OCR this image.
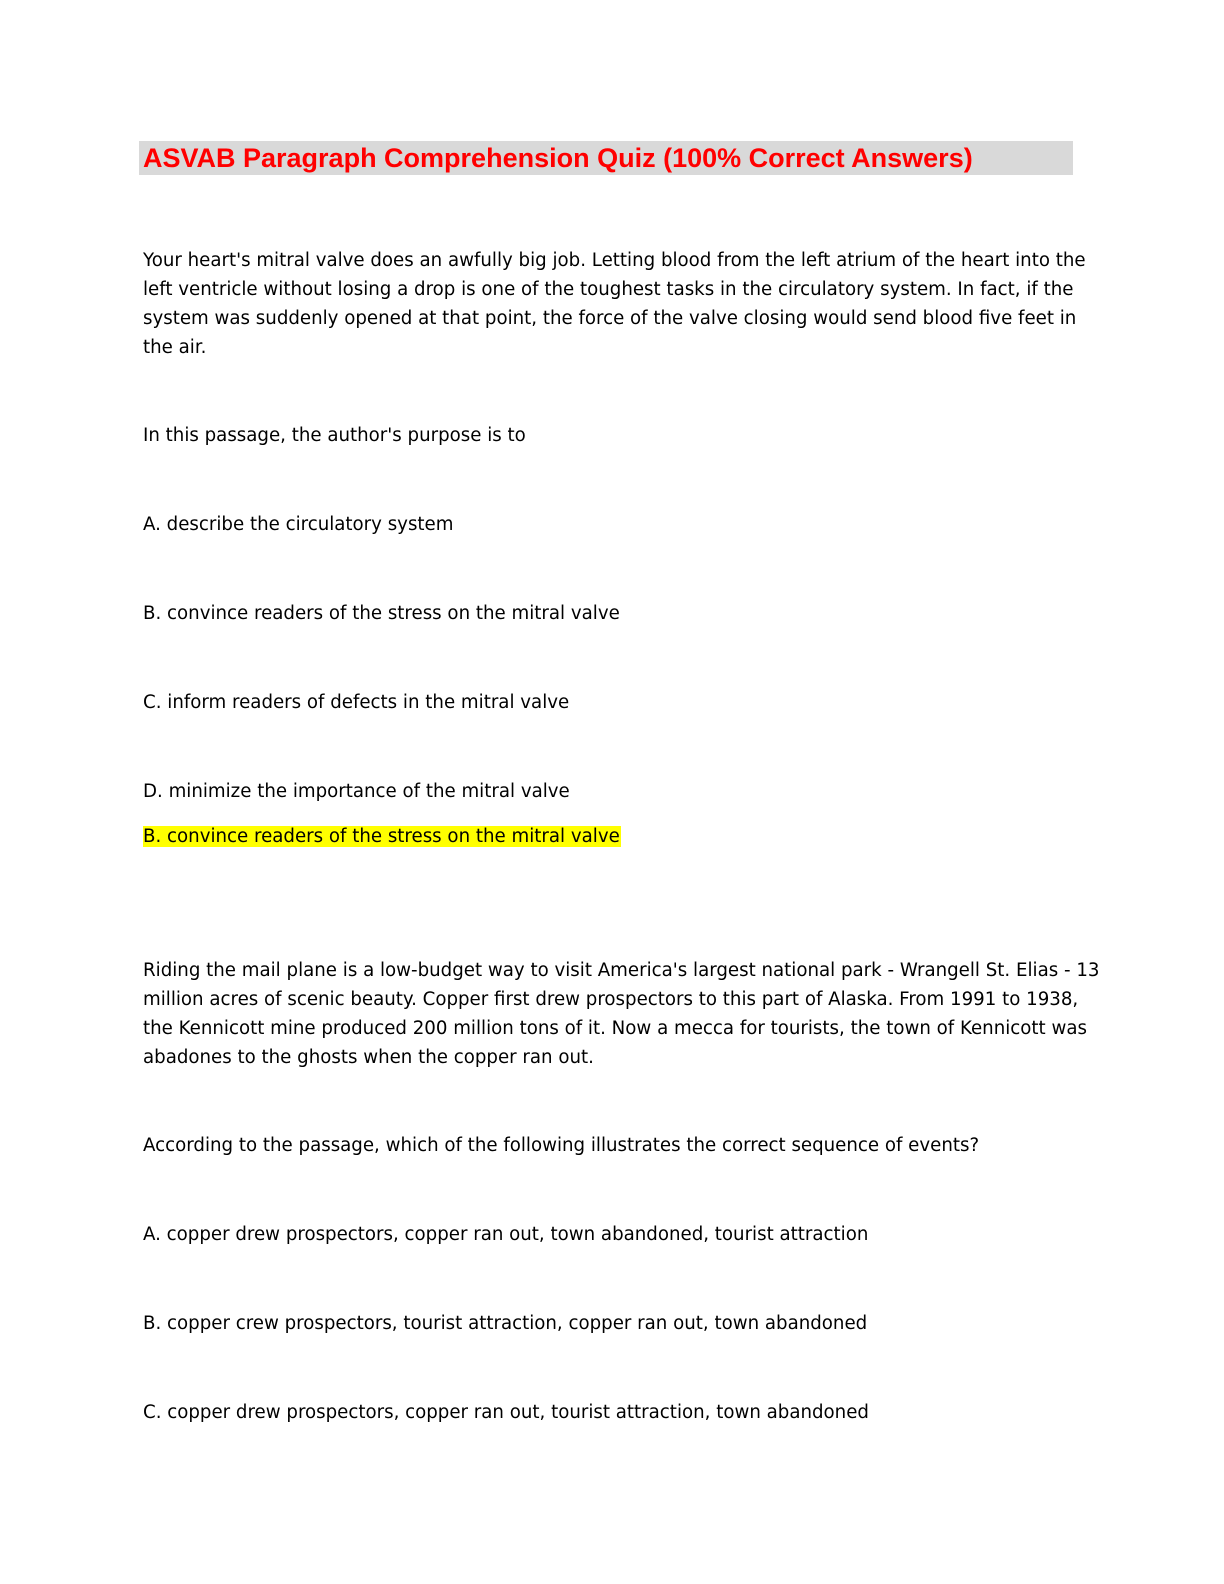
ASVAB Paragraph Comprehension Quiz (100% Correct Answers)
Your heart's mitral valve does an awfully big job. Letting blood from the left atrium of the heart into the
left ventricle without losing a drop is one of the toughest tasks in the circulatory system. In fact, if the
system was suddenly opened at that point, the force of the valve closing would send blood five feet in
the air.
In this passage, the author's purpose is to
A. describe the circulatory system
B. convince readers of the stress on the mitral valve
C. inform readers of defects in the mitral valve
D. minimize the importance of the mitral valve
B. convince readers of the stress on the mitral valve
Riding the mail plane is a low-budget way to visit America's largest national park - Wrangell St. Elias - 13
million acres of scenic beauty. Copper first drew prospectors to this part of Alaska. From 1991 to 1938,
the Kennicott mine produced 200 million tons of it. Now a mecca for tourists, the town of Kennicott was
abadones to the ghosts when the copper ran out.
According to the passage, which of the following illustrates the correct sequence of events?
A. copper drew prospectors, copper ran out, town abandoned, tourist attraction
B. copper crew prospectors, tourist attraction, copper ran out, town abandoned
C. copper drew prospectors, copper ran out, tourist attraction, town abandoned
